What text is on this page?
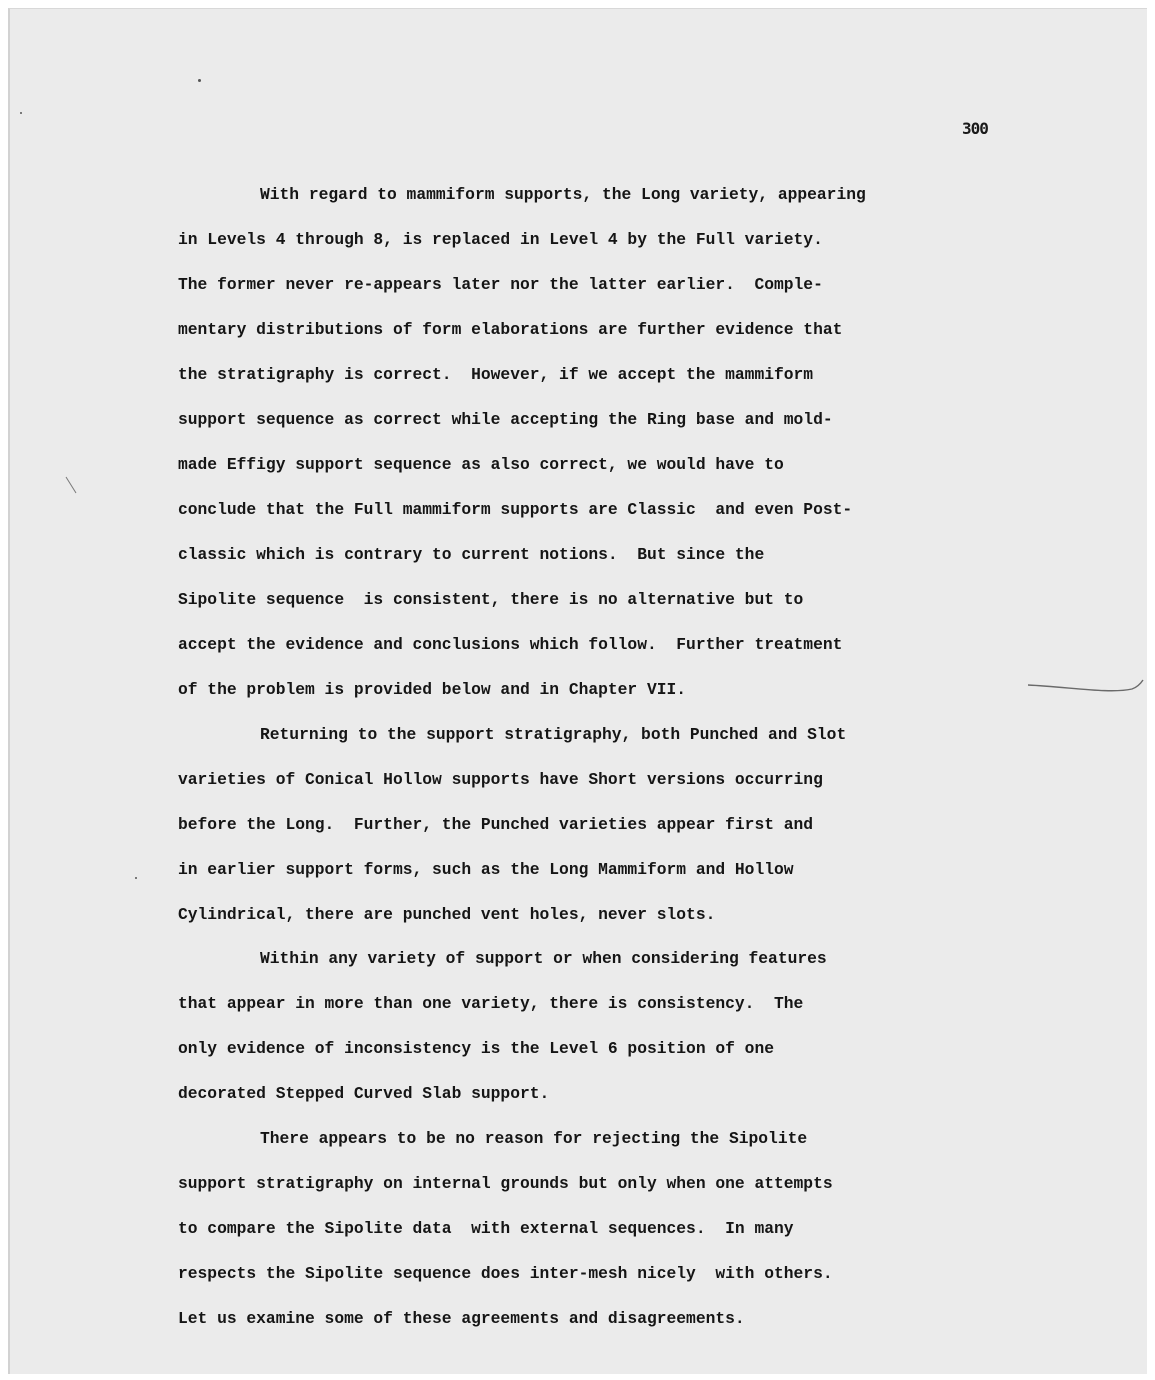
300

With regard to mammiform supports, the Long variety, appearing

in Levels 4 through 8, is replaced in Level 4 by the Full variety.

The former never re-appears later nor the latter earlier.  Comple-

mentary distributions of form elaborations are further evidence that

the stratigraphy is correct.  However, if we accept the mammiform

support sequence as correct while accepting the Ring base and mold-

made Effigy support sequence as also correct, we would have to

conclude that the Full mammiform supports are Classic  and even Post-

classic which is contrary to current notions.  But since the

Sipolite sequence  is consistent, there is no alternative but to

accept the evidence and conclusions which follow.  Further treatment

of the problem is provided below and in Chapter VII.

Returning to the support stratigraphy, both Punched and Slot

varieties of Conical Hollow supports have Short versions occurring

before the Long.  Further, the Punched varieties appear first and

in earlier support forms, such as the Long Mammiform and Hollow

Cylindrical, there are punched vent holes, never slots.

Within any variety of support or when considering features

that appear in more than one variety, there is consistency.  The

only evidence of inconsistency is the Level 6 position of one

decorated Stepped Curved Slab support.

There appears to be no reason for rejecting the Sipolite

support stratigraphy on internal grounds but only when one attempts

to compare the Sipolite data  with external sequences.  In many

respects the Sipolite sequence does inter-mesh nicely  with others.

Let us examine some of these agreements and disagreements.
